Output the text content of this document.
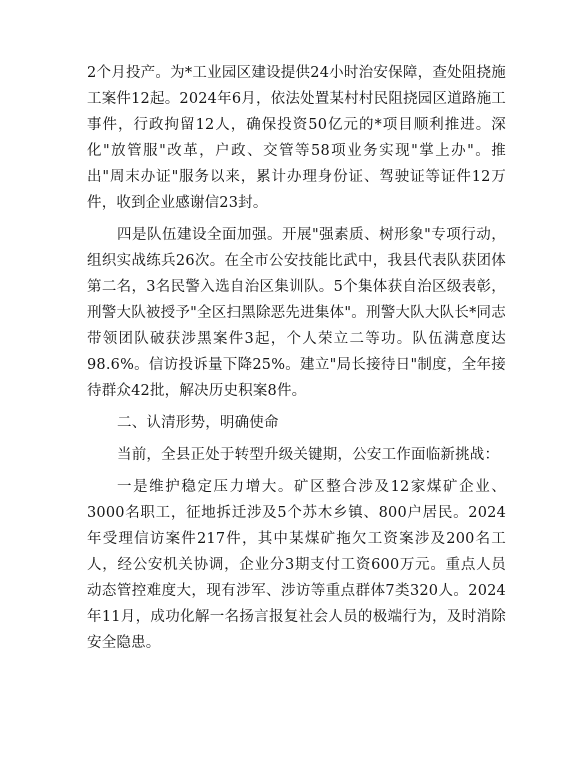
2个月投产。为*工业园区建设提供24小时治安保障，查处阻挠施工案件12起。2024年6月，依法处置某村村民阻挠园区道路施工事件，行政拘留12人，确保投资50亿元的*项目顺利推进。深化"放管服"改革，户政、交管等58项业务实现"掌上办"。推出"周末办证"服务以来，累计办理身份证、驾驶证等证件12万件，收到企业感谢信23封。

四是队伍建设全面加强。开展"强素质、树形象"专项行动，组织实战练兵26次。在全市公安技能比武中，我县代表队获团体第二名，3名民警入选自治区集训队。5个集体获自治区级表彰，刑警大队被授予"全区扫黑除恶先进集体"。刑警大队大队长*同志带领团队破获涉黑案件3起，个人荣立二等功。队伍满意度达98.6%。信访投诉量下降25%。建立"局长接待日"制度，全年接待群众42批，解决历史积案8件。

二、认清形势，明确使命

当前，全县正处于转型升级关键期，公安工作面临新挑战：

一是维护稳定压力增大。矿区整合涉及12家煤矿企业、3000名职工，征地拆迁涉及5个苏木乡镇、800户居民。2024年受理信访案件217件，其中某煤矿拖欠工资案涉及200名工人，经公安机关协调，企业分3期支付工资600万元。重点人员动态管控难度大，现有涉军、涉访等重点群体7类320人。2024年11月，成功化解一名扬言报复社会人员的极端行为，及时消除安全隐患。
